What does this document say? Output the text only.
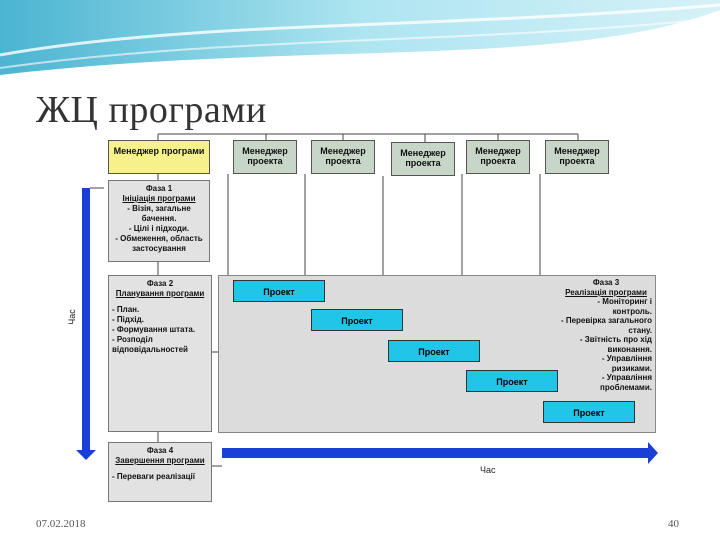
ЖЦ програми
Менеджер програми	Менеджер проекта
Менеджер проекта
Менеджер проекта
Менеджер проекта
Менеджер проекта
Час
Фаза 1
Ініціація програми
- Візія, загальне бачення.
- Цілі і підходи.
- Обмеження, область застосування
Фаза 2
Планування програми
- План.
- Підхід.
- Формування штата.
- Розподіл відповідальностей
Фаза 3
Реалізація програми
- Моніторинг і контроль.
- Перевірка загального стану.
- Звітність про хід виконання.
- Управління ризиками.
- Управління проблемами.
Проект
Проект
Проект
Проект
Проект
Фаза 4
Завершення програми
- Переваги реалізації
Час
07.02.2018	40
